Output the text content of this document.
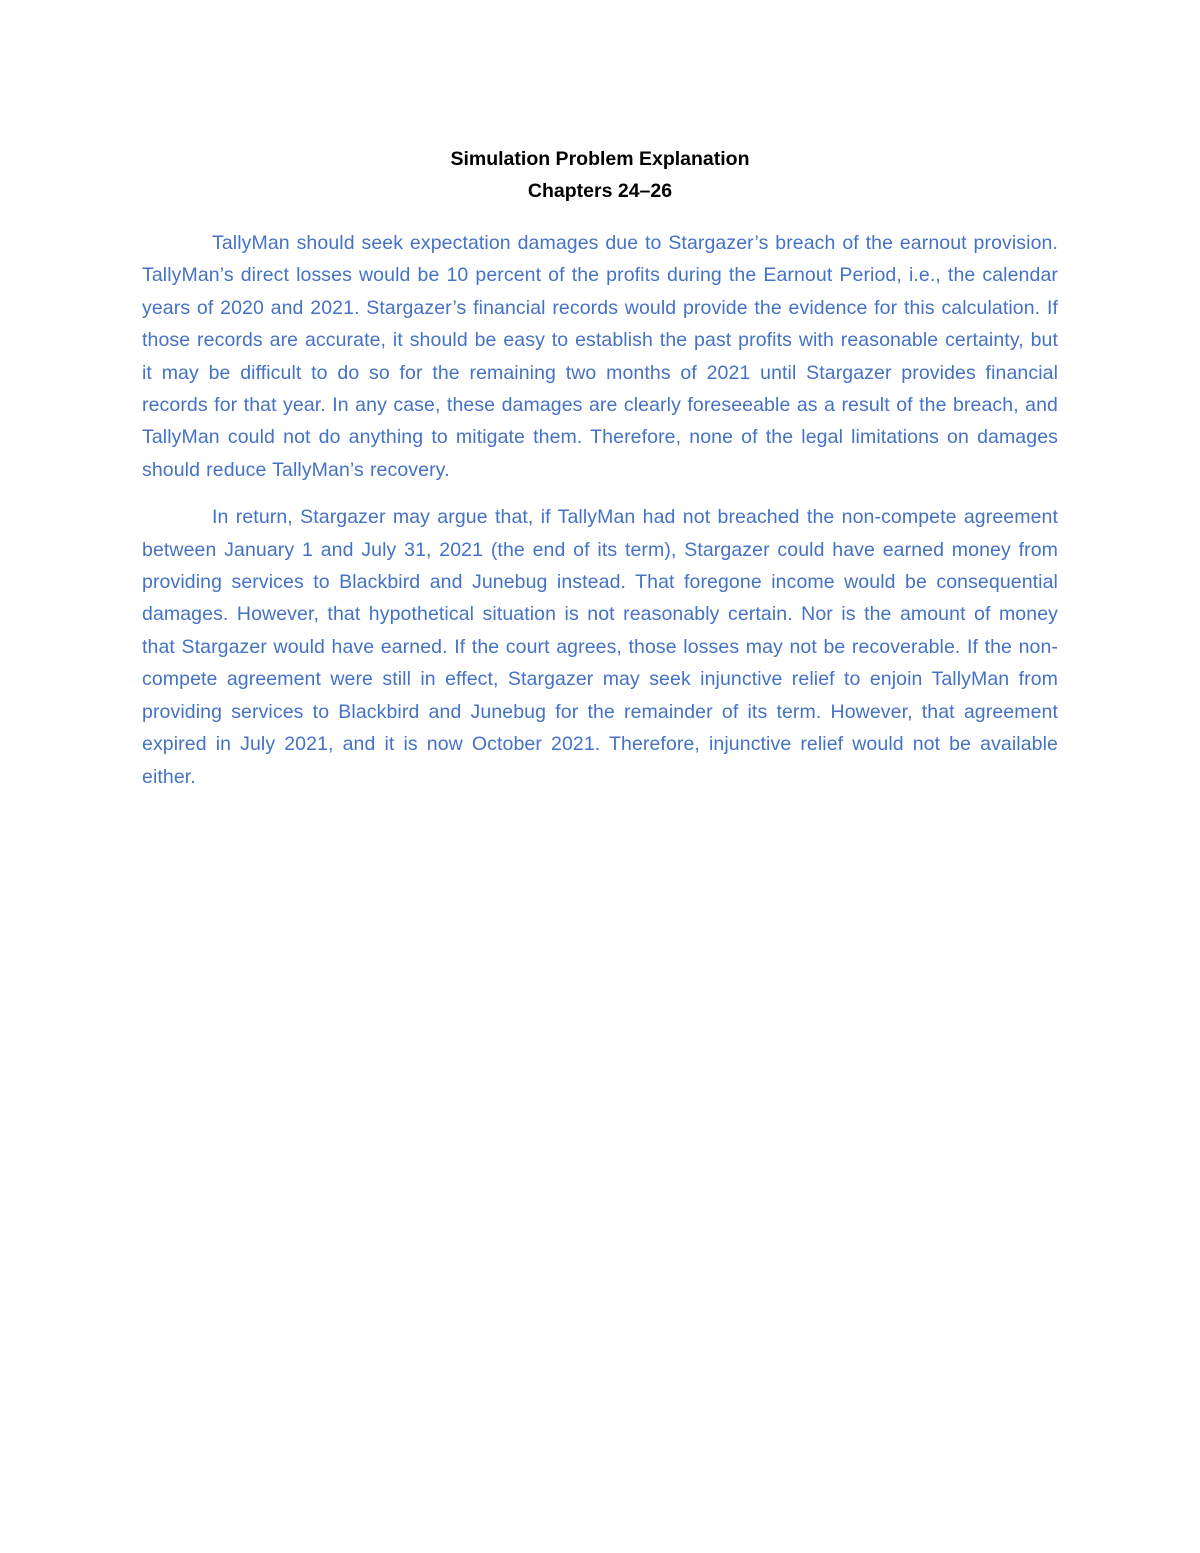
Simulation Problem Explanation
Chapters 24–26

TallyMan should seek expectation damages due to Stargazer’s breach of the earnout provision. TallyMan’s direct losses would be 10 percent of the profits during the Earnout Period, i.e., the calendar years of 2020 and 2021. Stargazer’s financial records would provide the evidence for this calculation. If those records are accurate, it should be easy to establish the past profits with reasonable certainty, but it may be difficult to do so for the remaining two months of 2021 until Stargazer provides financial records for that year. In any case, these damages are clearly foreseeable as a result of the breach, and TallyMan could not do anything to mitigate them. Therefore, none of the legal limitations on damages should reduce TallyMan’s recovery.

In return, Stargazer may argue that, if TallyMan had not breached the non-compete agreement between January 1 and July 31, 2021 (the end of its term), Stargazer could have earned money from providing services to Blackbird and Junebug instead. That foregone income would be consequential damages. However, that hypothetical situation is not reasonably certain. Nor is the amount of money that Stargazer would have earned. If the court agrees, those losses may not be recoverable. If the non-compete agreement were still in effect, Stargazer may seek injunctive relief to enjoin TallyMan from providing services to Blackbird and Junebug for the remainder of its term. However, that agreement expired in July 2021, and it is now October 2021. Therefore, injunctive relief would not be available either.
